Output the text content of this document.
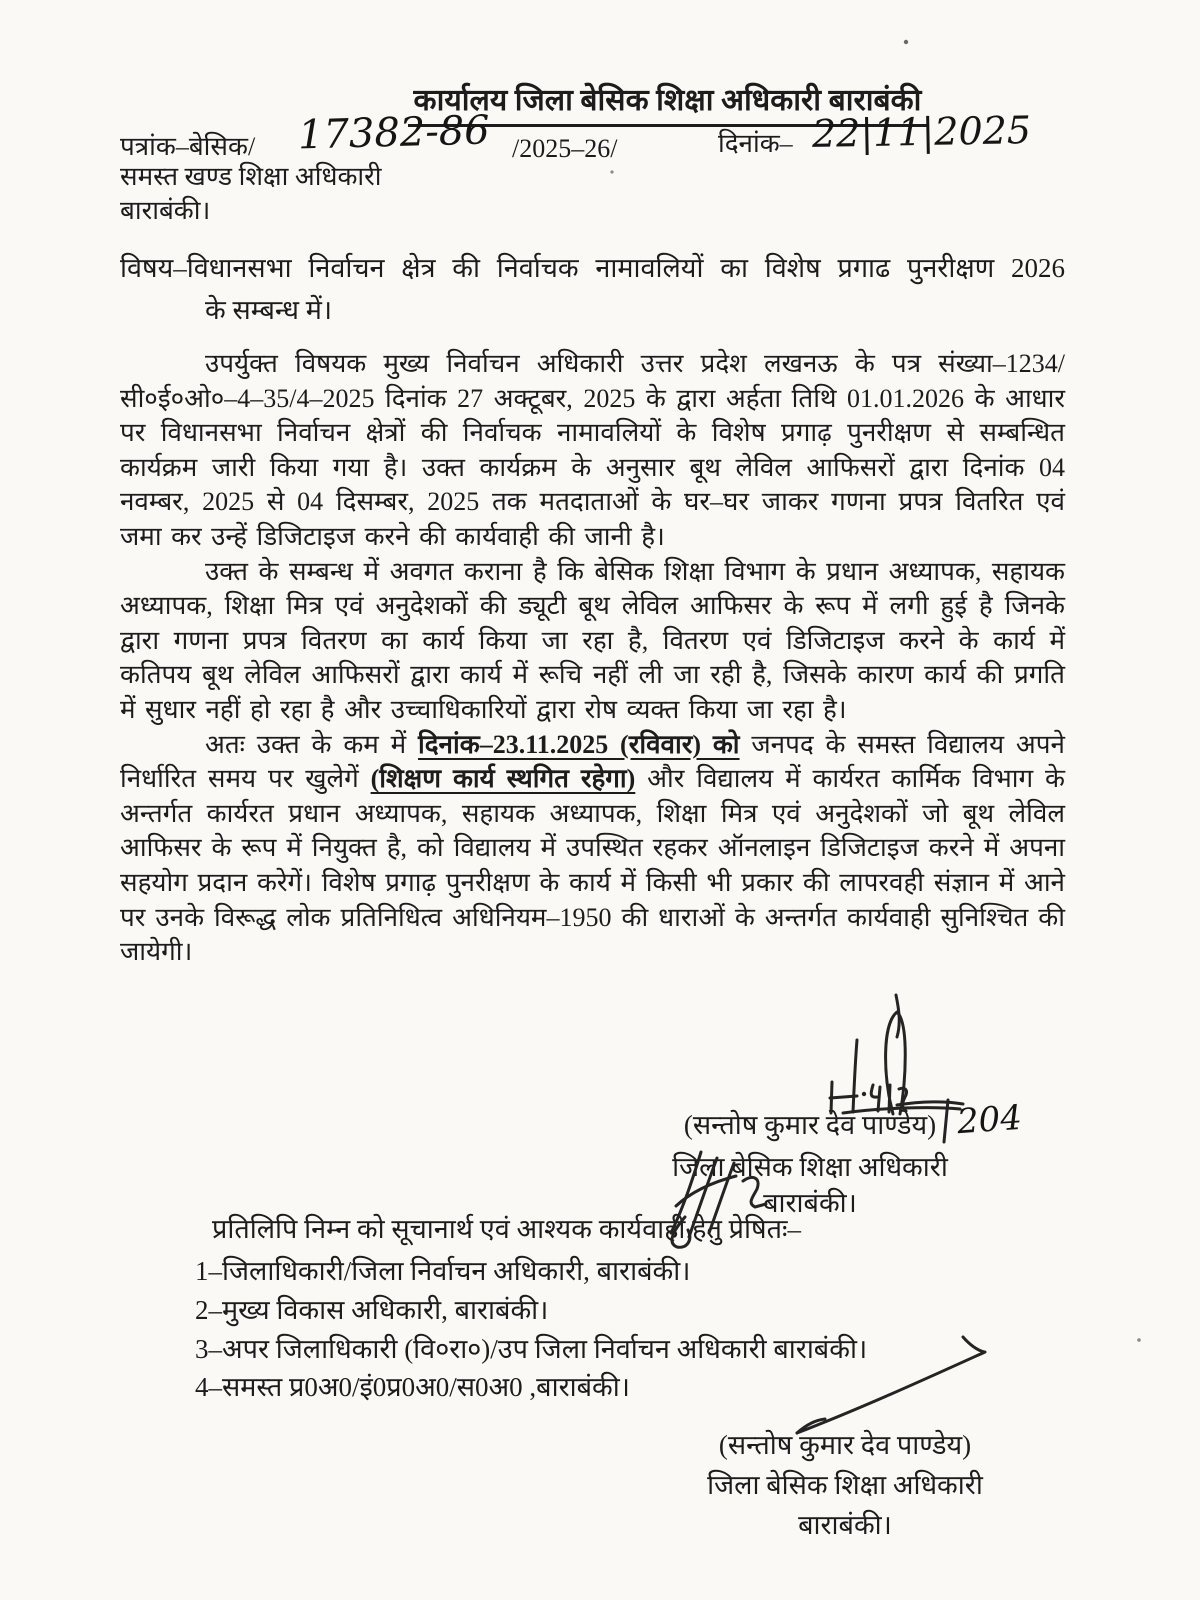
कार्यालय जिला बेसिक शिक्षा अधिकारी बाराबंकी
पत्रांक–बेसिक/ 17382-86 /2025–26/	दिनांक– 22|11|2025
समस्त खण्ड शिक्षा अधिकारी
बाराबंकी।
विषय–विधानसभा निर्वाचन क्षेत्र की निर्वाचक नामावलियों का विशेष प्रगाढ पुनरीक्षण 2026
के सम्बन्ध में।

उपर्युक्त विषयक मुख्य निर्वाचन अधिकारी उत्तर प्रदेश लखनऊ के पत्र संख्या–1234/सी०ई०ओ०–4–35/4–2025 दिनांक 27 अक्टूबर, 2025 के द्वारा अर्हता तिथि 01.01.2026 के आधार पर विधानसभा निर्वाचन क्षेत्रों की निर्वाचक नामावलियों के विशेष प्रगाढ़ पुनरीक्षण से सम्बन्धित कार्यक्रम जारी किया गया है। उक्त कार्यक्रम के अनुसार बूथ लेविल आफिसरों द्वारा दिनांक 04 नवम्बर, 2025 से 04 दिसम्बर, 2025 तक मतदाताओं के घर–घर जाकर गणना प्रपत्र वितरित एवं जमा कर उन्हें डिजिटाइज करने की कार्यवाही की जानी है।

उक्त के सम्बन्ध में अवगत कराना है कि बेसिक शिक्षा विभाग के प्रधान अध्यापक, सहायक अध्यापक, शिक्षा मित्र एवं अनुदेशकों की ड्यूटी बूथ लेविल आफिसर के रूप में लगी हुई है जिनके द्वारा गणना प्रपत्र वितरण का कार्य किया जा रहा है, वितरण एवं डिजिटाइज करने के कार्य में कतिपय बूथ लेविल आफिसरों द्वारा कार्य में रूचि नहीं ली जा रही है, जिसके कारण कार्य की प्रगति में सुधार नहीं हो रहा है और उच्चाधिकारियों द्वारा रोष व्यक्त किया जा रहा है।

अतः उक्त के कम में दिनांक–23.11.2025 (रविवार) को जनपद के समस्त विद्यालय अपने निर्धारित समय पर खुलेगें (शिक्षण कार्य स्थगित रहेगा) और विद्यालय में कार्यरत कार्मिक विभाग के अन्तर्गत कार्यरत प्रधान अध्यापक, सहायक अध्यापक, शिक्षा मित्र एवं अनुदेशकों जो बूथ लेविल आफिसर के रूप में नियुक्त है, को विद्यालय में उपस्थित रहकर ऑनलाइन डिजिटाइज करने में अपना सहयोग प्रदान करेगें। विशेष प्रगाढ़ पुनरीक्षण के कार्य में किसी भी प्रकार की लापरवही संज्ञान में आने पर उनके विरूद्ध लोक प्रतिनिधित्व अधिनियम–1950 की धाराओं के अन्तर्गत कार्यवाही सुनिश्चित की जायेगी।

(सन्तोष कुमार देव पाण्डेय) 204
जिला बेसिक शिक्षा अधिकारी
बाराबंकी।
प्रतिलिपि निम्न को सूचानार्थ एवं आश्यक कार्यवाही हेतु प्रेषितः–
1–जिलाधिकारी/जिला निर्वाचन अधिकारी, बाराबंकी।
2–मुख्य विकास अधिकारी, बाराबंकी।
3–अपर जिलाधिकारी (वि०रा०)/उप जिला निर्वाचन अधिकारी बाराबंकी।
4–समस्त प्र0अ0/इं0प्र0अ0/स0अ0 ,बाराबंकी।
(सन्तोष कुमार देव पाण्डेय)
जिला बेसिक शिक्षा अधिकारी
बाराबंकी।
